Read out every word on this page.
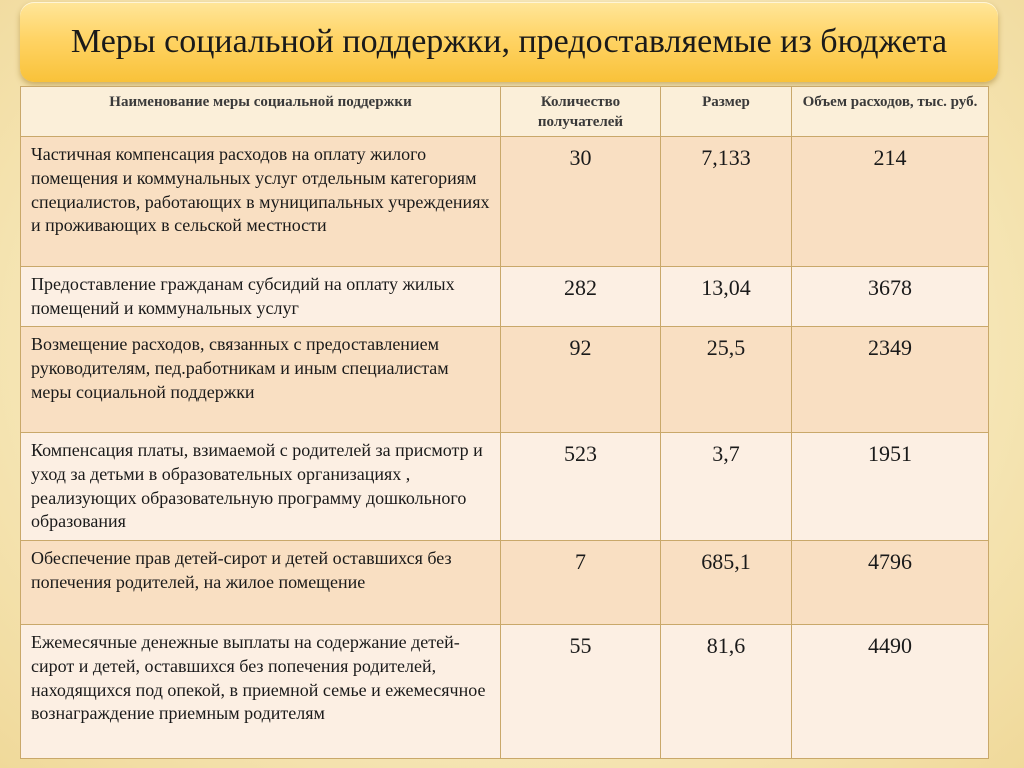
Меры социальной поддержки, предоставляемые из бюджета
Наименование меры социальной поддержки	Количество получателей	Размер	Объем расходов, тыс. руб.
Частичная компенсация расходов на оплату жилого помещения и коммунальных услуг отдельным категориям специалистов, работающих в муниципальных учреждениях и проживающих в сельской местности	30	7,133	214
Предоставление гражданам субсидий на оплату жилых помещений и коммунальных услуг	282	13,04	3678
Возмещение расходов, связанных с предоставлением руководителям, пед.работникам и иным специалистам меры социальной поддержки	92	25,5	2349
Компенсация платы, взимаемой с родителей за присмотр и уход за детьми в образовательных организациях , реализующих образовательную программу дошкольного образования	523	3,7	1951
Обеспечение прав детей-сирот и детей оставшихся без попечения родителей, на жилое помещение	7	685,1	4796
Ежемесячные денежные выплаты на содержание детей-сирот и детей, оставшихся без попечения родителей, находящихся под опекой, в приемной семье и ежемесячное вознаграждение приемным родителям	55	81,6	4490
